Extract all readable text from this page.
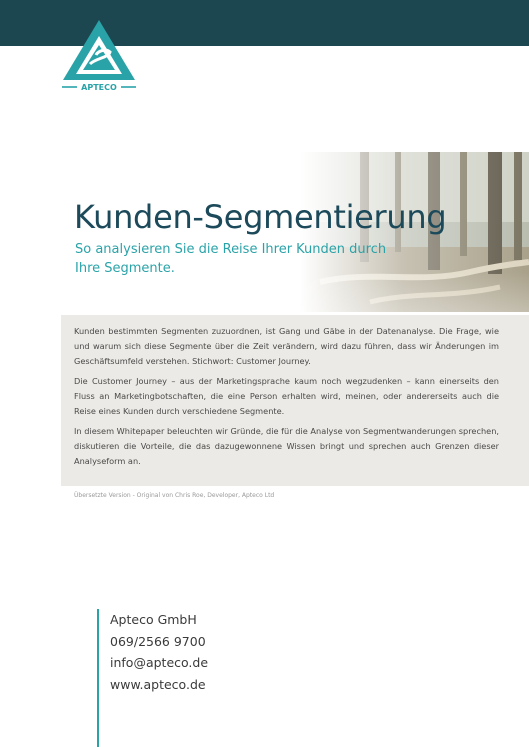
APTECO
Kunden-Segmentierung
So analysieren Sie die Reise Ihrer Kunden durch Ihre Segmente.

Kunden bestimmten Segmenten zuzuordnen, ist Gang und Gäbe in der Datenanalyse. Die Frage, wie und warum sich diese Segmente über die Zeit verändern, wird dazu führen, dass wir Änderungen im Geschäftsumfeld verstehen. Stichwort: Customer Journey.

Die Customer Journey – aus der Marketingsprache kaum noch wegzudenken – kann einerseits den Fluss an Marketingbotschaften, die eine Person erhalten wird, meinen, oder andererseits auch die Reise eines Kunden durch verschiedene Segmente.

In diesem Whitepaper beleuchten wir Gründe, die für die Analyse von Segmentwanderungen sprechen, diskutieren die Vorteile, die das dazugewonnene Wissen bringt und sprechen auch Grenzen dieser Analyseform an.

Übersetzte Version - Original von Chris Roe, Developer, Apteco Ltd
Apteco GmbH
069/2566 9700
info@apteco.de
www.apteco.de
